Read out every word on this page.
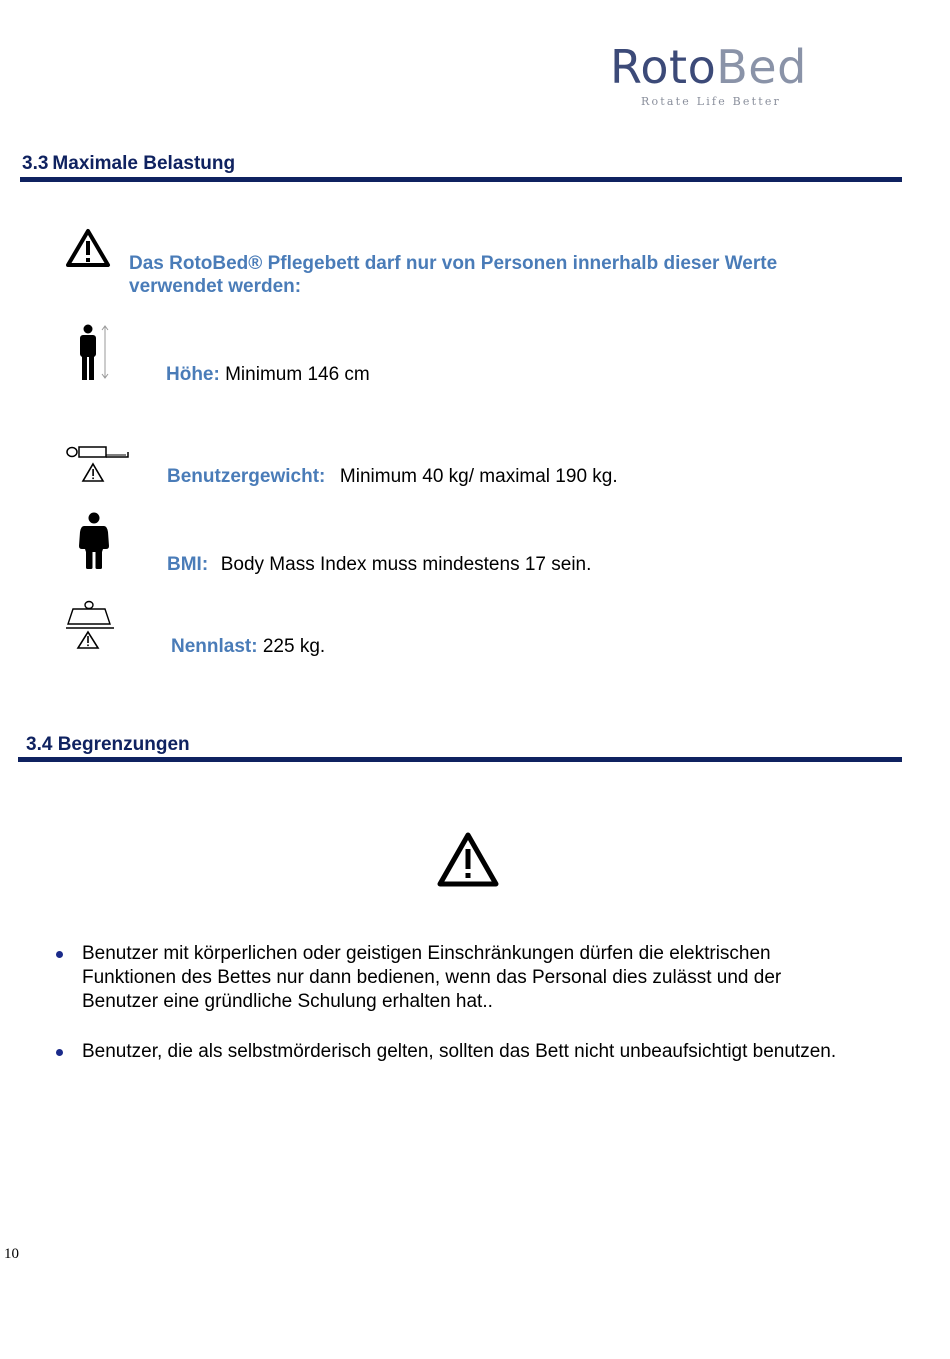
RotoBed
Rotate Life Better
3.3 Maximale Belastung
Das RotoBed® Pflegebett darf nur von Personen innerhalb dieser Werte verwendet werden:
Höhe: Minimum 146 cm
Benutzergewicht: Minimum 40 kg/ maximal 190 kg.
BMI: Body Mass Index muss mindestens 17 sein.
Nennlast: 225 kg.
3.4 Begrenzungen
Benutzer mit körperlichen oder geistigen Einschränkungen dürfen die elektrischen Funktionen des Bettes nur dann bedienen, wenn das Personal dies zulässt und der Benutzer eine gründliche Schulung erhalten hat..
Benutzer, die als selbstmörderisch gelten, sollten das Bett nicht unbeaufsichtigt benutzen.
10
